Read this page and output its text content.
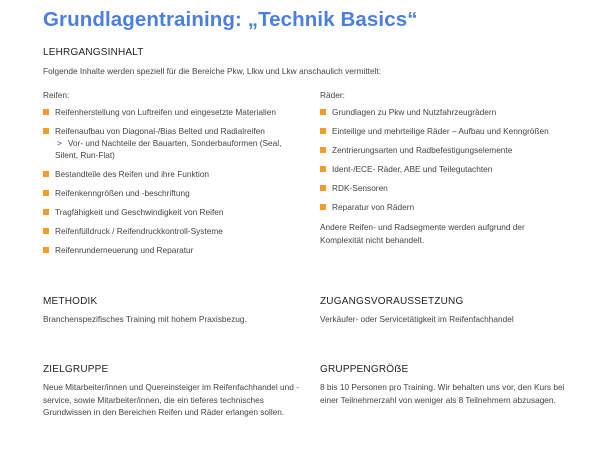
Grundlagentraining: „Technik Basics“
LEHRGANGSINHALT

Folgende Inhalte werden speziell für die Bereiche Pkw, Llkw und Lkw anschaulich vermittelt:

Reifen:

Reifenherstellung von Luftreifen und eingesetzte Materialien
Reifenaufbau von Diagonal-/Bias Belted und Radialreifen
> Vor- und Nachteile der Bauarten, Sonderbauformen (Seal, Silent, Run-Flat)
Bestandteile des Reifen und ihre Funktion
Reifenkenngrößen und -beschriftung
Tragfähigkeit und Geschwindigkeit von Reifen
Reifenfülldruck / Reifendruckkontroll-Systeme
Reifenrunderneuerung und Reparatur

Räder:

Grundlagen zu Pkw und Nutzfahrzeugrädern
Einteilige und mehrteilige Räder – Aufbau und Kenngrößen
Zentrierungsarten und Radbefestigungselemente
Ident-/ECE- Räder, ABE und Teilegutachten
RDK-Sensoren
Reparatur von Rädern

Andere Reifen- und Radsegmente werden aufgrund der Komplexität nicht behandelt.

METHODIK

Branchenspezifisches Training mit hohem Praxisbezug.

ZUGANGSVORAUSSETZUNG

Verkäufer- oder Servicetätigkeit im Reifenfachhandel

ZIELGRUPPE

Neue Mitarbeiter/innen und Quereinsteiger im Reifenfachhandel und -service, sowie Mitarbeiter/innen, die ein tieferes technisches Grundwissen in den Bereichen Reifen und Räder erlangen sollen.

GRUPPENGRÖẞE

8 bis 10 Personen pro Training. Wir behalten uns vor, den Kurs bei einer Teilnehmerzahl von weniger als 8 Teilnehmern abzusagen.
